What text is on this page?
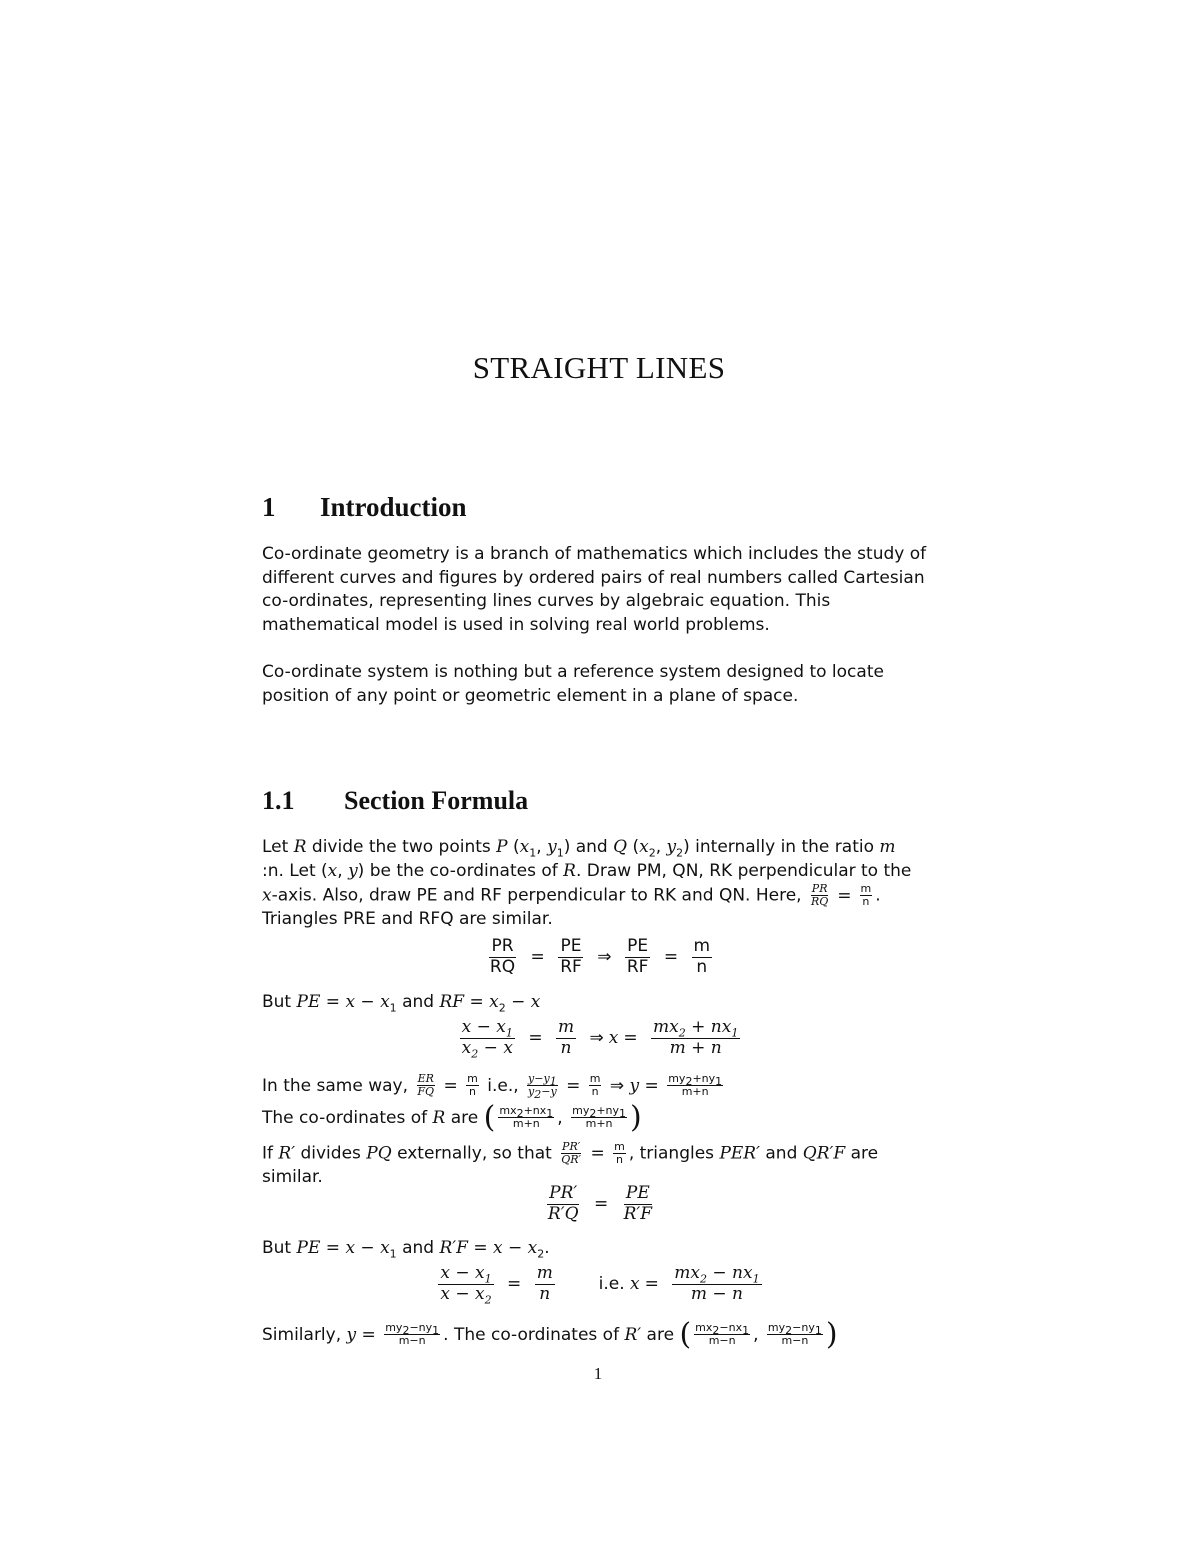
STRAIGHT LINES
1 Introduction
Co-ordinate geometry is a branch of mathematics which includes the study of
different curves and figures by ordered pairs of real numbers called Cartesian
co-ordinates, representing lines curves by algebraic equation. This
mathematical model is used in solving real world problems.
Co-ordinate system is nothing but a reference system designed to locate
position of any point or geometric element in a plane of space.
1.1 Section Formula
Let R divide the two points P ($x_1$, $y_1$) and Q ($x_2$, $y_2$) internally in the ratio m
:n. Let (x, y) be the co-ordinates of R. Draw PM, QN, RK perpendicular to the
x-axis. Also, draw PE and RF perpendicular to RK and QN. Here, $\frac{PR}{RQ} = \frac{m}{n}$ .
Triangles PRE and RFQ are similar.
$\frac{PR}{RQ} = \frac{PE}{RF}$ ⇒ $\frac{PE}{RF} = \frac{m}{n}$
But PE = $x - x_1$ and RF = $x_2 - x$
$\frac{x - x_1}{x_2 - x} = \frac{m}{n}$ ⇒ $x = \frac{mx_2 + nx_1}{m + n}$
In the same way, $\frac{ER}{FQ} = \frac{m}{n} i.e$., $\frac{y-y_1}{y_2-y} = \frac{m}{n}$ ⇒ $y = \frac{my_2+ny_1}{m+n}$
The co-ordinates of R are ( $\frac{mx_2+nx_1}{m+n}$ , $\frac{my_2+ny_1}{m+n}$ )
If R′ divides PQ externally, so that $\frac{PR'}{QR'} = \frac{m}{n}$ , triangles PER′ and QR′F are
similar.
$\frac{PR'}{R'Q} = \frac{PE}{R'F}$
But PE = $x - x_1$ and $R'F = x - x_2$.
$\frac{x - x_1}{x - x_2} = \frac{m}{n}$	i.e. $x = \frac{mx_2 - nx_1}{m - n}$
Similarly, $y = \frac{my_2-ny_1}{m-n}$ . The co-ordinates of R′ are ( $\frac{mx_2-nx_1}{m-n}$ , $\frac{my_2-ny_1}{m-n}$ )
1
